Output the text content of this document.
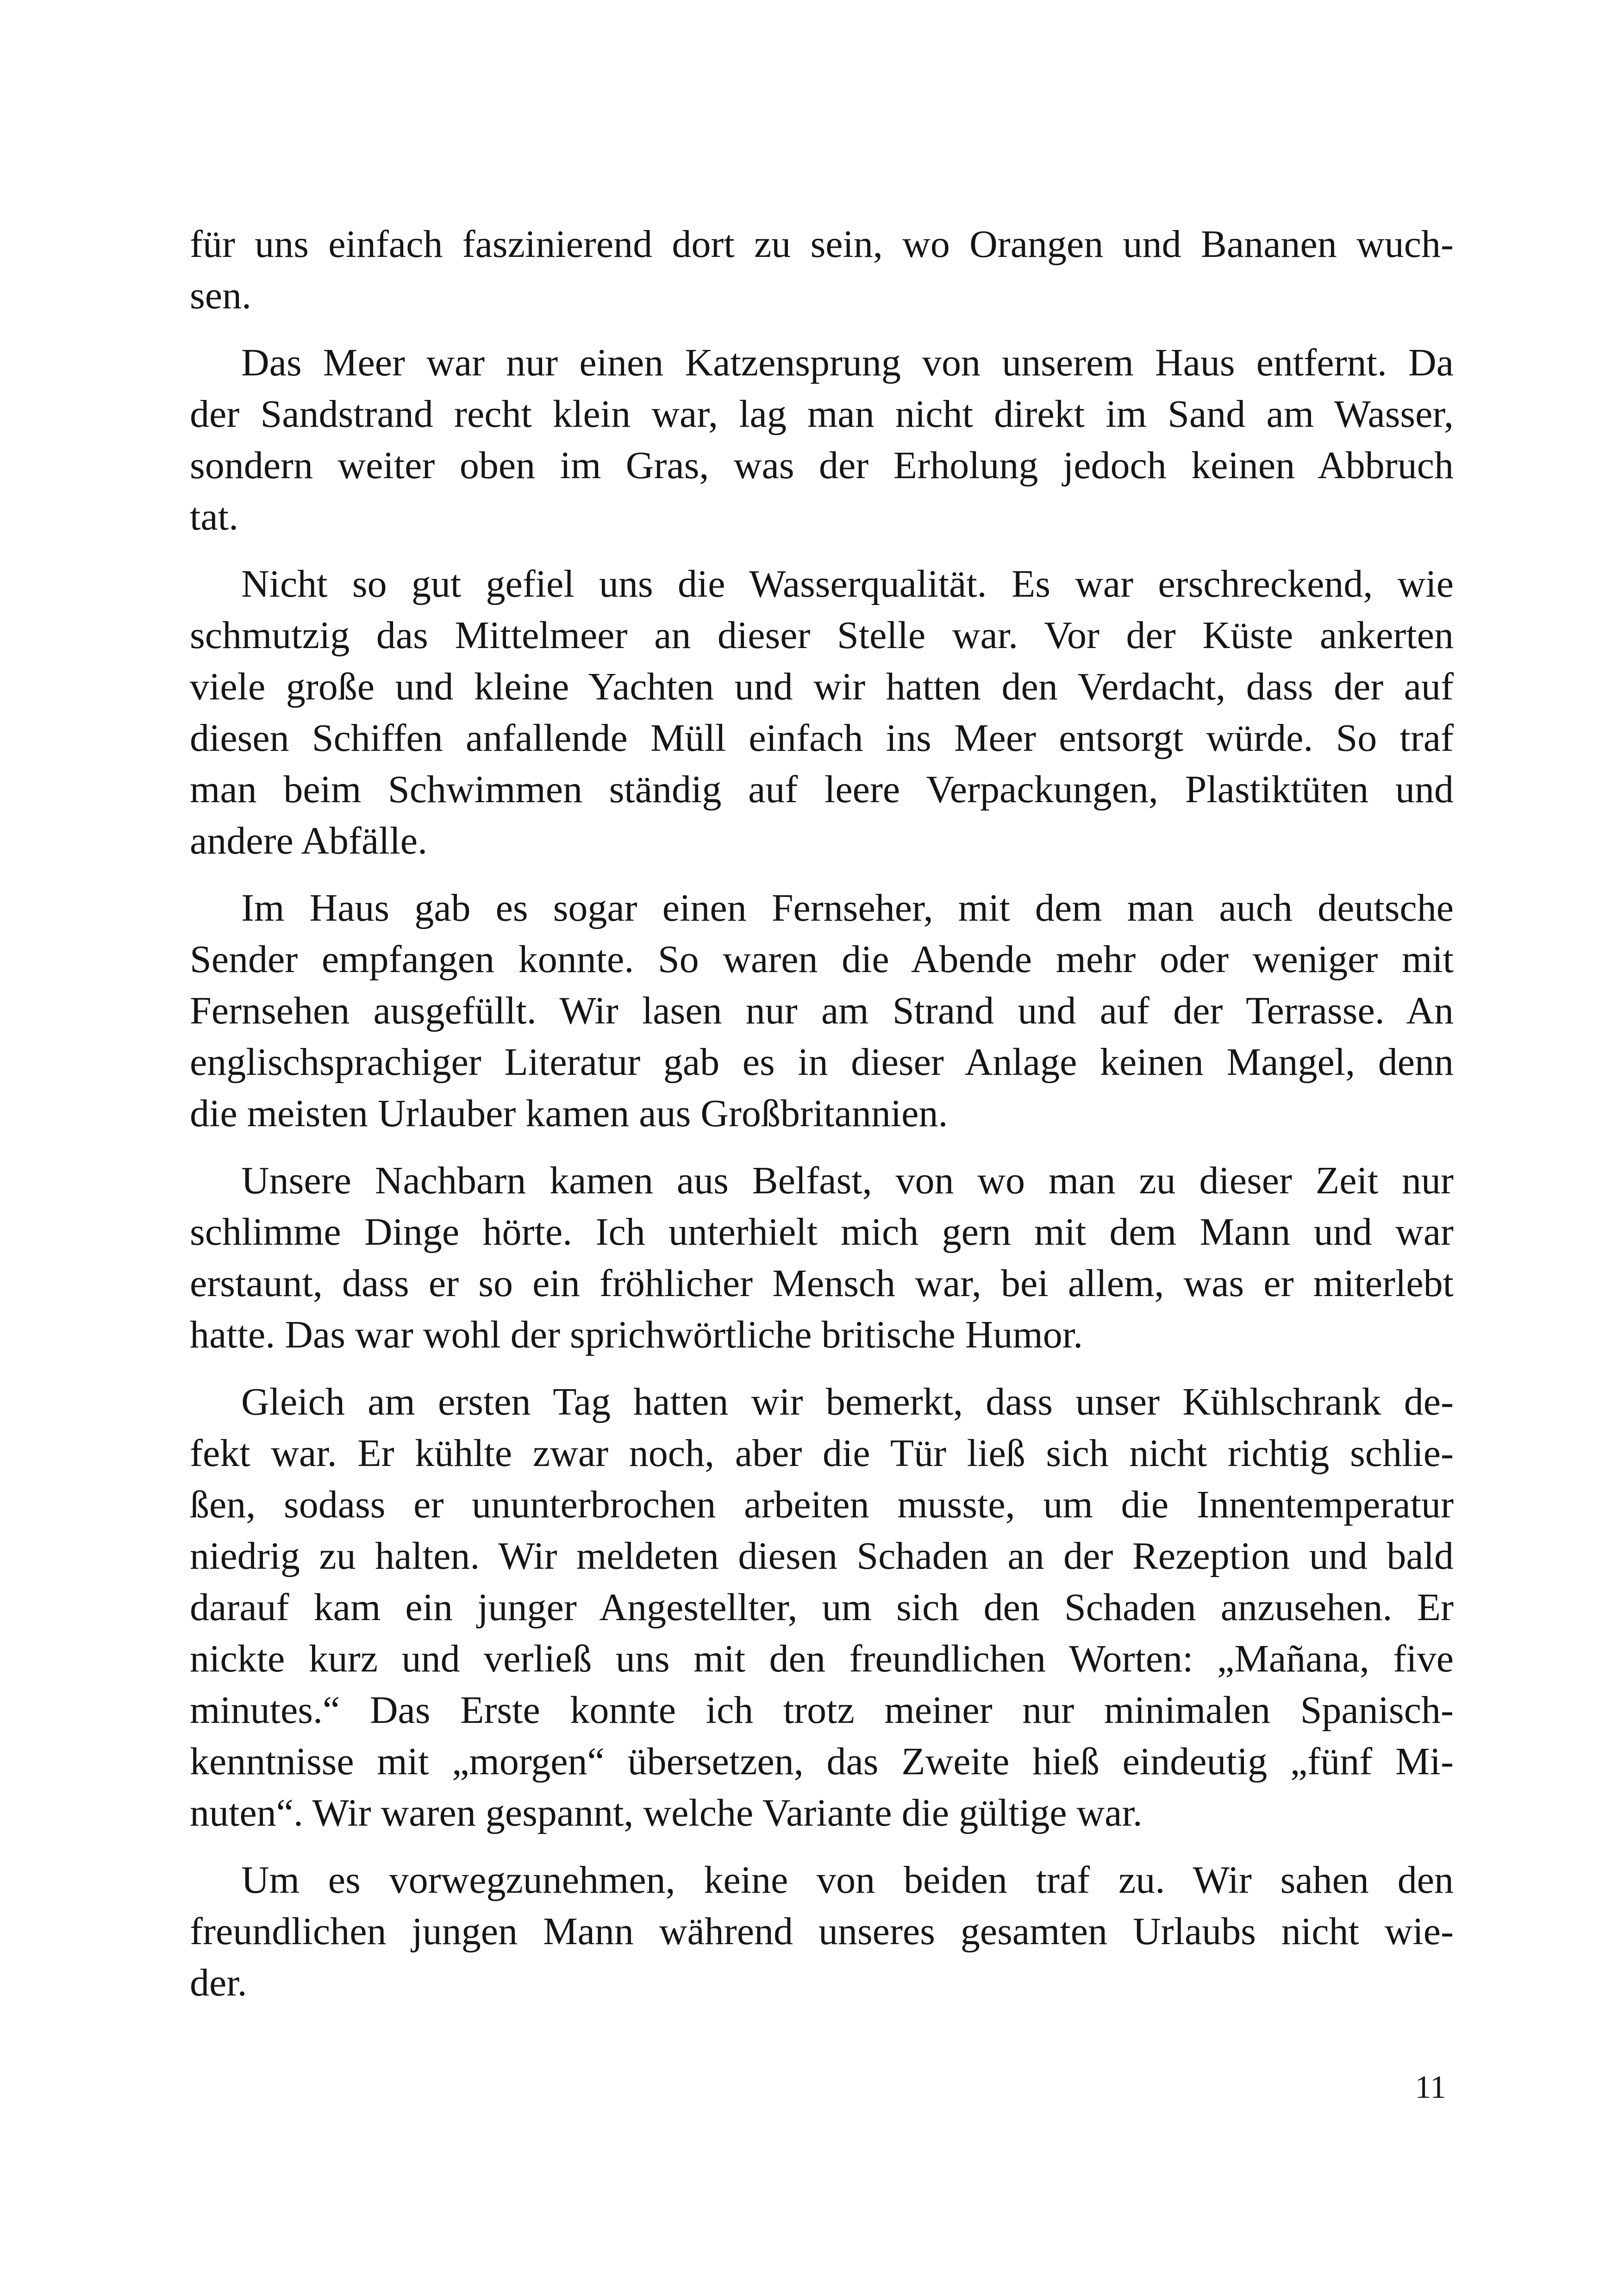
für uns einfach faszinierend dort zu sein, wo Orangen und Bananen wuch-
sen.

Das Meer war nur einen Katzensprung von unserem Haus entfernt. Da
der Sandstrand recht klein war, lag man nicht direkt im Sand am Wasser,
sondern weiter oben im Gras, was der Erholung jedoch keinen Abbruch
tat.

Nicht so gut gefiel uns die Wasserqualität. Es war erschreckend, wie
schmutzig das Mittelmeer an dieser Stelle war. Vor der Küste ankerten
viele große und kleine Yachten und wir hatten den Verdacht, dass der auf
diesen Schiffen anfallende Müll einfach ins Meer entsorgt würde. So traf
man beim Schwimmen ständig auf leere Verpackungen, Plastiktüten und
andere Abfälle.

Im Haus gab es sogar einen Fernseher, mit dem man auch deutsche
Sender empfangen konnte. So waren die Abende mehr oder weniger mit
Fernsehen ausgefüllt. Wir lasen nur am Strand und auf der Terrasse. An
englischsprachiger Literatur gab es in dieser Anlage keinen Mangel, denn
die meisten Urlauber kamen aus Großbritannien.

Unsere Nachbarn kamen aus Belfast, von wo man zu dieser Zeit nur
schlimme Dinge hörte. Ich unterhielt mich gern mit dem Mann und war
erstaunt, dass er so ein fröhlicher Mensch war, bei allem, was er miterlebt
hatte. Das war wohl der sprichwörtliche britische Humor.

Gleich am ersten Tag hatten wir bemerkt, dass unser Kühlschrank de-
fekt war. Er kühlte zwar noch, aber die Tür ließ sich nicht richtig schlie-
ßen, sodass er ununterbrochen arbeiten musste, um die Innentemperatur
niedrig zu halten. Wir meldeten diesen Schaden an der Rezeption und bald
darauf kam ein junger Angestellter, um sich den Schaden anzusehen. Er
nickte kurz und verließ uns mit den freundlichen Worten: „Mañana, five
minutes.“ Das Erste konnte ich trotz meiner nur minimalen Spanisch-
kenntnisse mit „morgen“ übersetzen, das Zweite hieß eindeutig „fünf Mi-
nuten“. Wir waren gespannt, welche Variante die gültige war.

Um es vorwegzunehmen, keine von beiden traf zu. Wir sahen den
freundlichen jungen Mann während unseres gesamten Urlaubs nicht wie-
der.

11
